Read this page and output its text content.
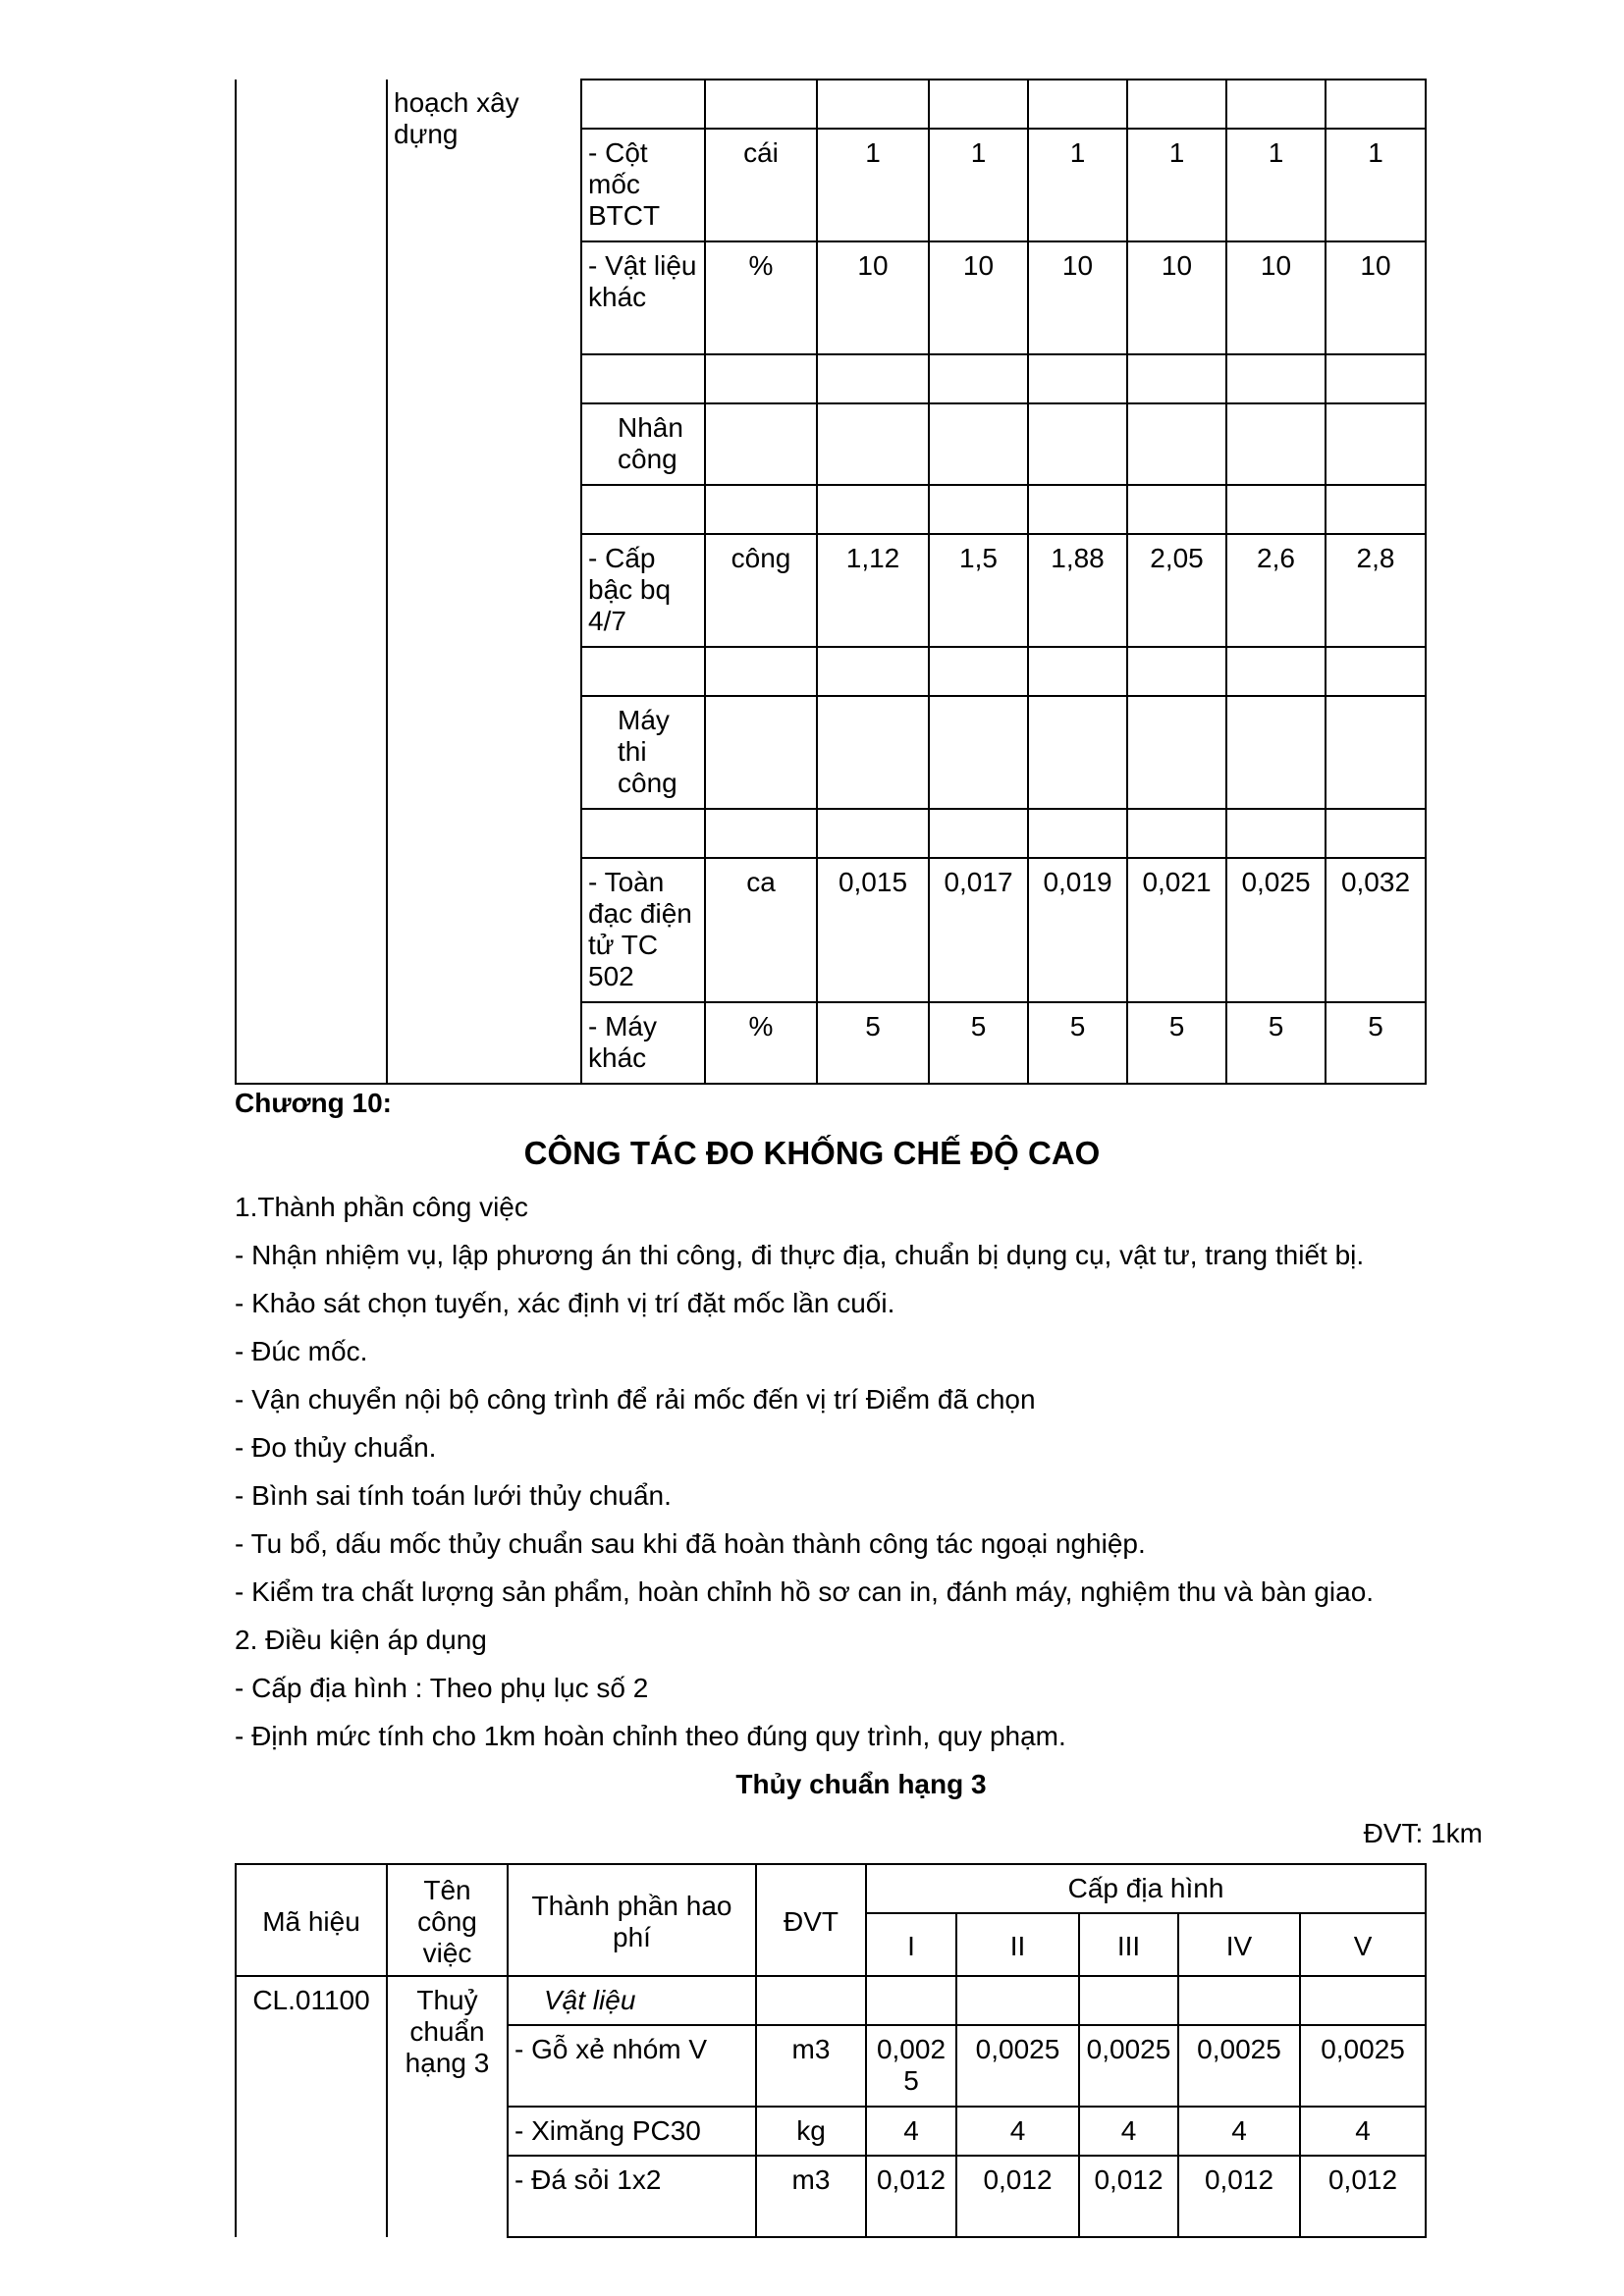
	hoạch xây dựng								
		- Cột mốc BTCT	cái	1	1	1	1	1	1
		- Vật liệu khác	%	10	10	10	10	10	10

		Nhân công							

		- Cấp bậc bq 4/7	công	1,12	1,5	1,88	2,05	2,6	2,8

		Máy thi công							

		- Toàn đạc điện tử TC 502	ca	0,015	0,017	0,019	0,021	0,025	0,032
		- Máy khác	%	5	5	5	5	5	5
Chương 10:
CÔNG TÁC ĐO KHỐNG CHẾ ĐỘ CAO
1.Thành phần công việc
- Nhận nhiệm vụ, lập phương án thi công, đi thực địa, chuẩn bị dụng cụ, vật tư, trang thiết bị.
- Khảo sát chọn tuyến, xác định vị trí đặt mốc lần cuối.
- Đúc mốc.
- Vận chuyển nội bộ công trình để rải mốc đến vị trí Điểm đã chọn
- Đo thủy chuẩn.
- Bình sai tính toán lưới thủy chuẩn.
- Tu bổ, dấu mốc thủy chuẩn sau khi đã hoàn thành công tác ngoại nghiệp.
- Kiểm tra chất lượng sản phẩm, hoàn chỉnh hồ sơ can in, đánh máy, nghiệm thu và bàn giao.
2. Điều kiện áp dụng
- Cấp địa hình : Theo phụ lục số 2
- Định mức tính cho 1km hoàn chỉnh theo đúng quy trình, quy phạm.
Thủy chuẩn hạng 3
ĐVT: 1km
Mã hiệu	Tên công việc	Thành phần hao phí	ĐVT	Cấp địa hình				
				I	II	III	IV	V
CL.01100	Thuỷ chuẩn hạng 3	Vật liệu						
		- Gỗ xẻ nhóm V	m3	0,0025	0,0025	0,0025	0,0025	0,0025
		- Ximăng PC30	kg	4	4	4	4	4
		- Đá sỏi 1x2	m3	0,012	0,012	0,012	0,012	0,012
